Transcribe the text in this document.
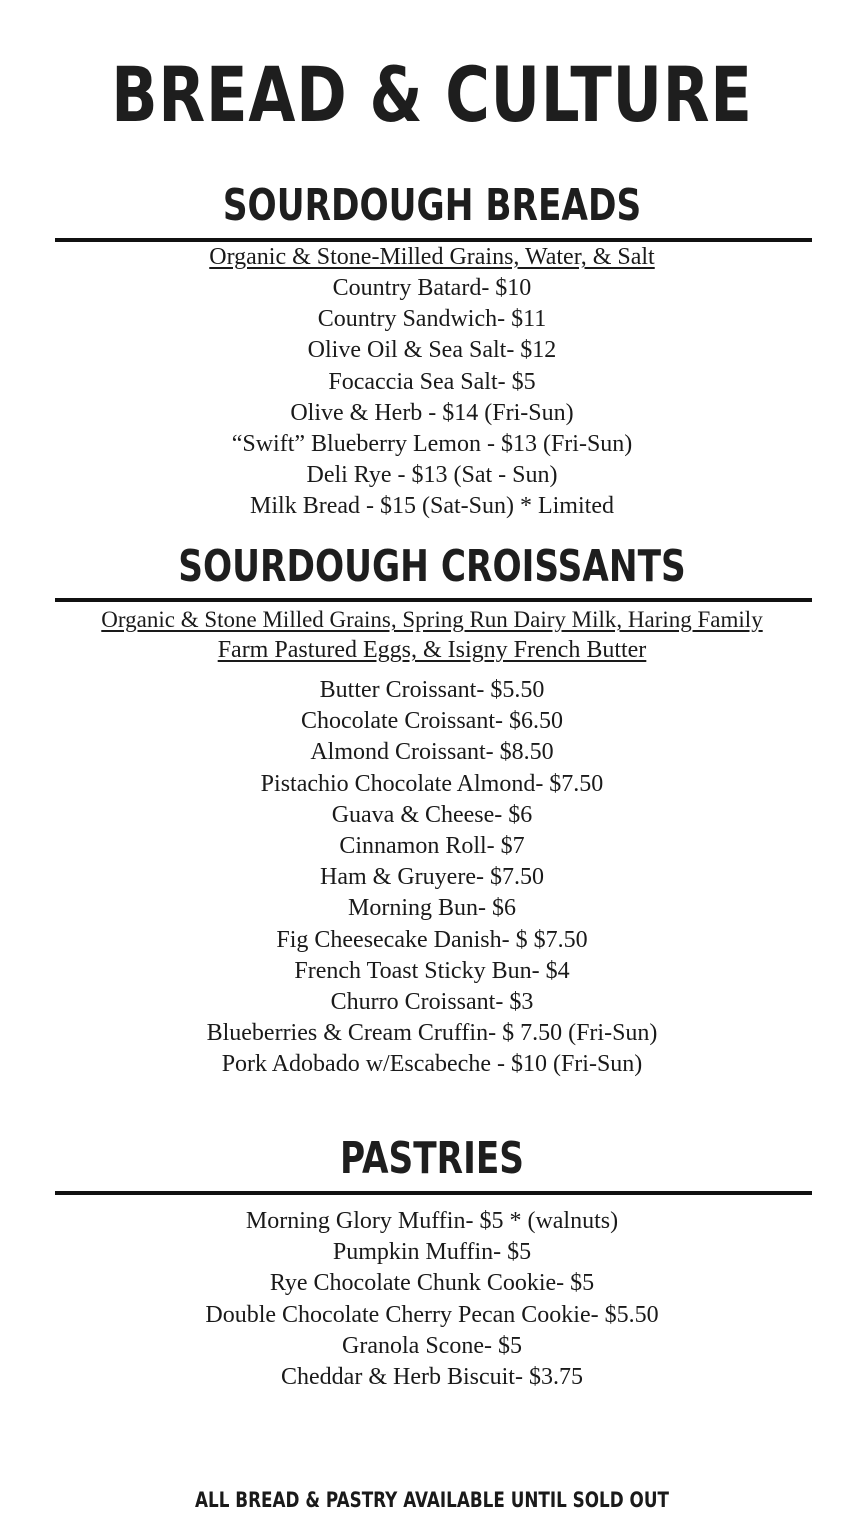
BREAD & CULTURE
SOURDOUGH BREADS
Organic & Stone-Milled Grains, Water, & Salt
Country Batard- $10
Country Sandwich- $11
Olive Oil & Sea Salt- $12
Focaccia Sea Salt- $5
Olive & Herb - $14 (Fri-Sun)
“Swift” Blueberry Lemon - $13 (Fri-Sun)
Deli Rye - $13 (Sat - Sun)
Milk Bread - $15 (Sat-Sun) * Limited
SOURDOUGH CROISSANTS
Organic & Stone Milled Grains, Spring Run Dairy Milk, Haring Family
Farm Pastured Eggs, & Isigny French Butter
Butter Croissant- $5.50
Chocolate Croissant- $6.50
Almond Croissant- $8.50
Pistachio Chocolate Almond- $7.50
Guava & Cheese- $6
Cinnamon Roll- $7
Ham & Gruyere- $7.50
Morning Bun- $6
Fig Cheesecake Danish- $ $7.50
French Toast Sticky Bun- $4
Churro Croissant- $3
Blueberries & Cream Cruffin- $ 7.50 (Fri-Sun)
Pork Adobado w/Escabeche - $10 (Fri-Sun)
PASTRIES
Morning Glory Muffin- $5 * (walnuts)
Pumpkin Muffin- $5
Rye Chocolate Chunk Cookie- $5
Double Chocolate Cherry Pecan Cookie- $5.50
Granola Scone- $5
Cheddar & Herb Biscuit- $3.75
ALL BREAD & PASTRY AVAILABLE UNTIL SOLD OUT
